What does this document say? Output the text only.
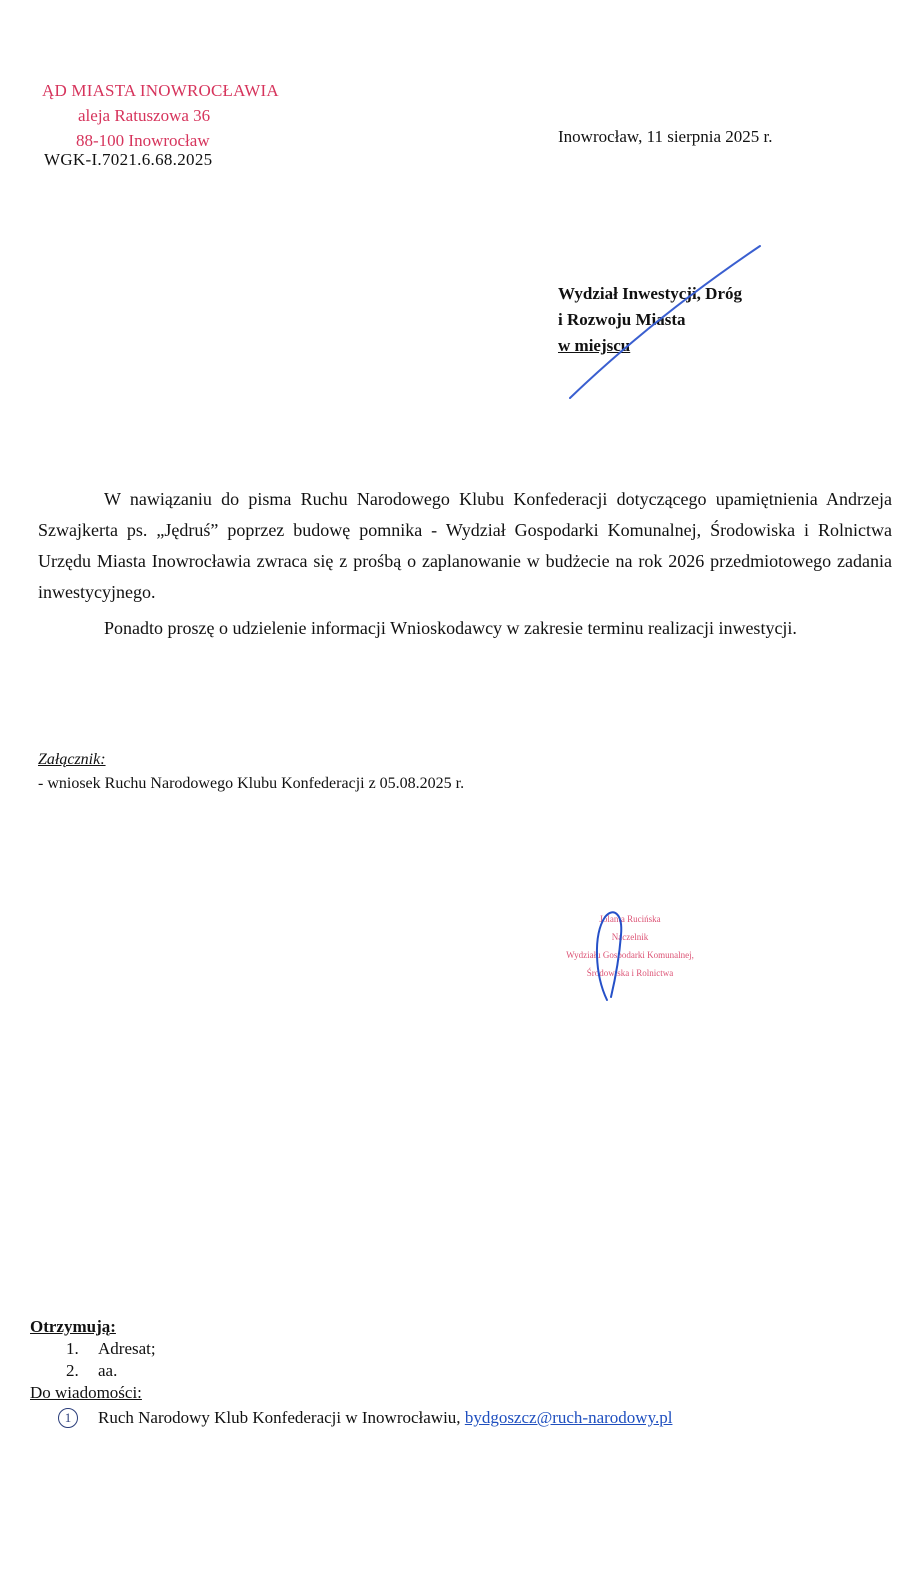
ĄD MIASTA INOWROCŁAWIA
aleja Ratuszowa 36
88-100 Inowrocław
WGK-I.7021.6.68.2025
Inowrocław, 11 sierpnia 2025 r.
Wydział Inwestycji, Dróg
i Rozwoju Miasta
w miejscu

W nawiązaniu do pisma Ruchu Narodowego Klubu Konfederacji dotyczącego upamiętnienia Andrzeja Szwajkerta ps. „Jędruś” poprzez budowę pomnika - Wydział Gospodarki Komunalnej, Środowiska i Rolnictwa Urzędu Miasta Inowrocławia zwraca się z prośbą o zaplanowanie w budżecie na rok 2026 przedmiotowego zadania inwestycyjnego.

Ponadto proszę o udzielenie informacji Wnioskodawcy w zakresie terminu realizacji inwestycji.

Załącznik:
- wniosek Ruchu Narodowego Klubu Konfederacji z 05.08.2025 r.
Jolanta Rucińska
Naczelnik
Wydziału Gospodarki Komunalnej,
Środowiska i Rolnictwa
Otrzymują:
1. Adresat;
2. aa.
Do wiadomości:
1	Ruch Narodowy Klub Konfederacji w Inowrocławiu,
bydgoszcz@ruch-narodowy.pl
